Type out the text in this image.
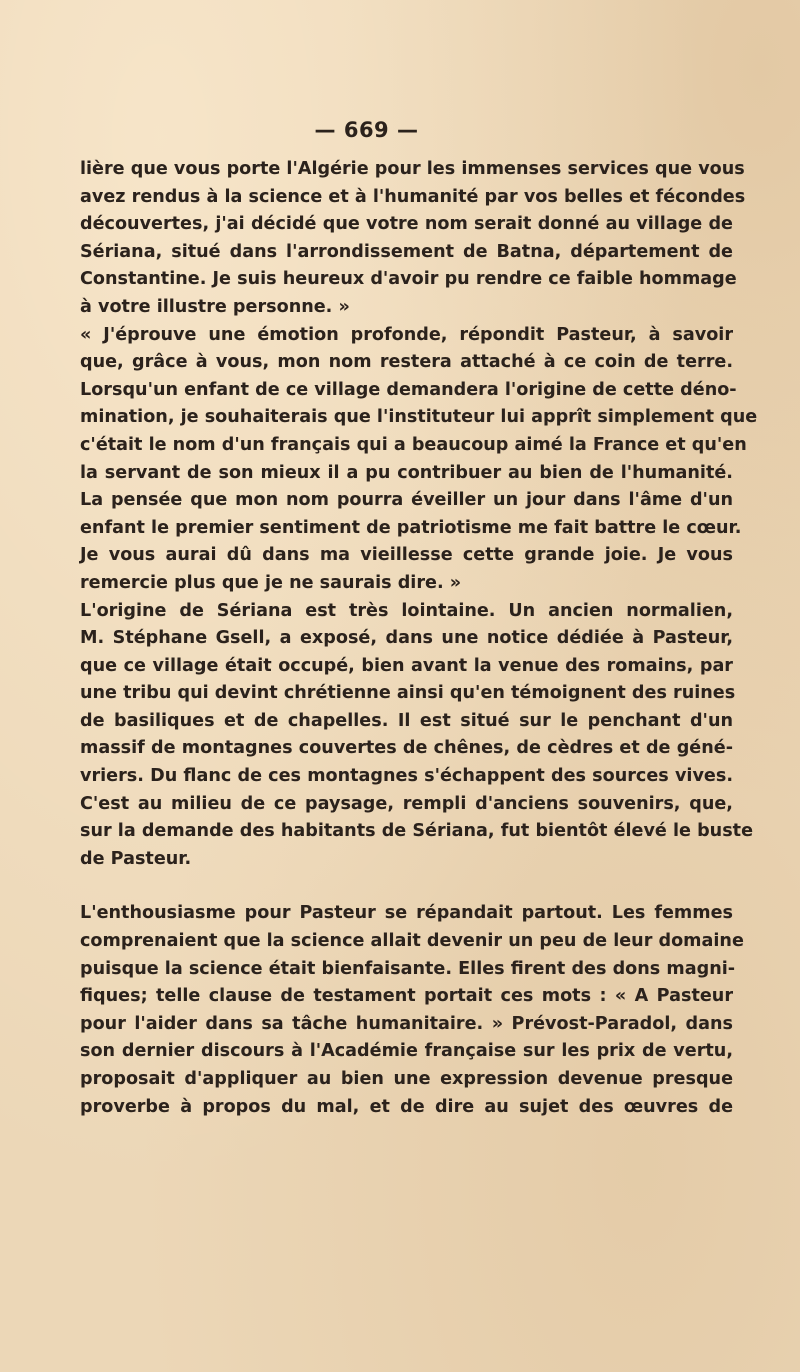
— 669 —
lière que vous porte l'Algérie pour les immenses services que vous
avez rendus à la science et à l'humanité par vos belles et fécondes
découvertes, j'ai décidé que votre nom serait donné au village de
Sériana, situé dans l'arrondissement de Batna, département de
Constantine. Je suis heureux d'avoir pu rendre ce faible hommage
à votre illustre personne. »
« J'éprouve une émotion profonde, répondit Pasteur, à savoir
que, grâce à vous, mon nom restera attaché à ce coin de terre.
Lorsqu'un enfant de ce village demandera l'origine de cette déno-
mination, je souhaiterais que l'instituteur lui apprît simplement que
c'était le nom d'un français qui a beaucoup aimé la France et qu'en
la servant de son mieux il a pu contribuer au bien de l'humanité.
La pensée que mon nom pourra éveiller un jour dans l'âme d'un
enfant le premier sentiment de patriotisme me fait battre le cœur.
Je vous aurai dû dans ma vieillesse cette grande joie. Je vous
remercie plus que je ne saurais dire. »
L'origine de Sériana est très lointaine. Un ancien normalien,
M. Stéphane Gsell, a exposé, dans une notice dédiée à Pasteur,
que ce village était occupé, bien avant la venue des romains, par
une tribu qui devint chrétienne ainsi qu'en témoignent des ruines
de basiliques et de chapelles. Il est situé sur le penchant d'un
massif de montagnes couvertes de chênes, de cèdres et de géné-
vriers. Du flanc de ces montagnes s'échappent des sources vives.
C'est au milieu de ce paysage, rempli d'anciens souvenirs, que,
sur la demande des habitants de Sériana, fut bientôt élevé le buste
de Pasteur.
L'enthousiasme pour Pasteur se répandait partout. Les femmes
comprenaient que la science allait devenir un peu de leur domaine
puisque la science était bienfaisante. Elles firent des dons magni-
fiques; telle clause de testament portait ces mots : « A Pasteur
pour l'aider dans sa tâche humanitaire. » Prévost-Paradol, dans
son dernier discours à l'Académie française sur les prix de vertu,
proposait d'appliquer au bien une expression devenue presque
proverbe à propos du mal, et de dire au sujet des œuvres de
